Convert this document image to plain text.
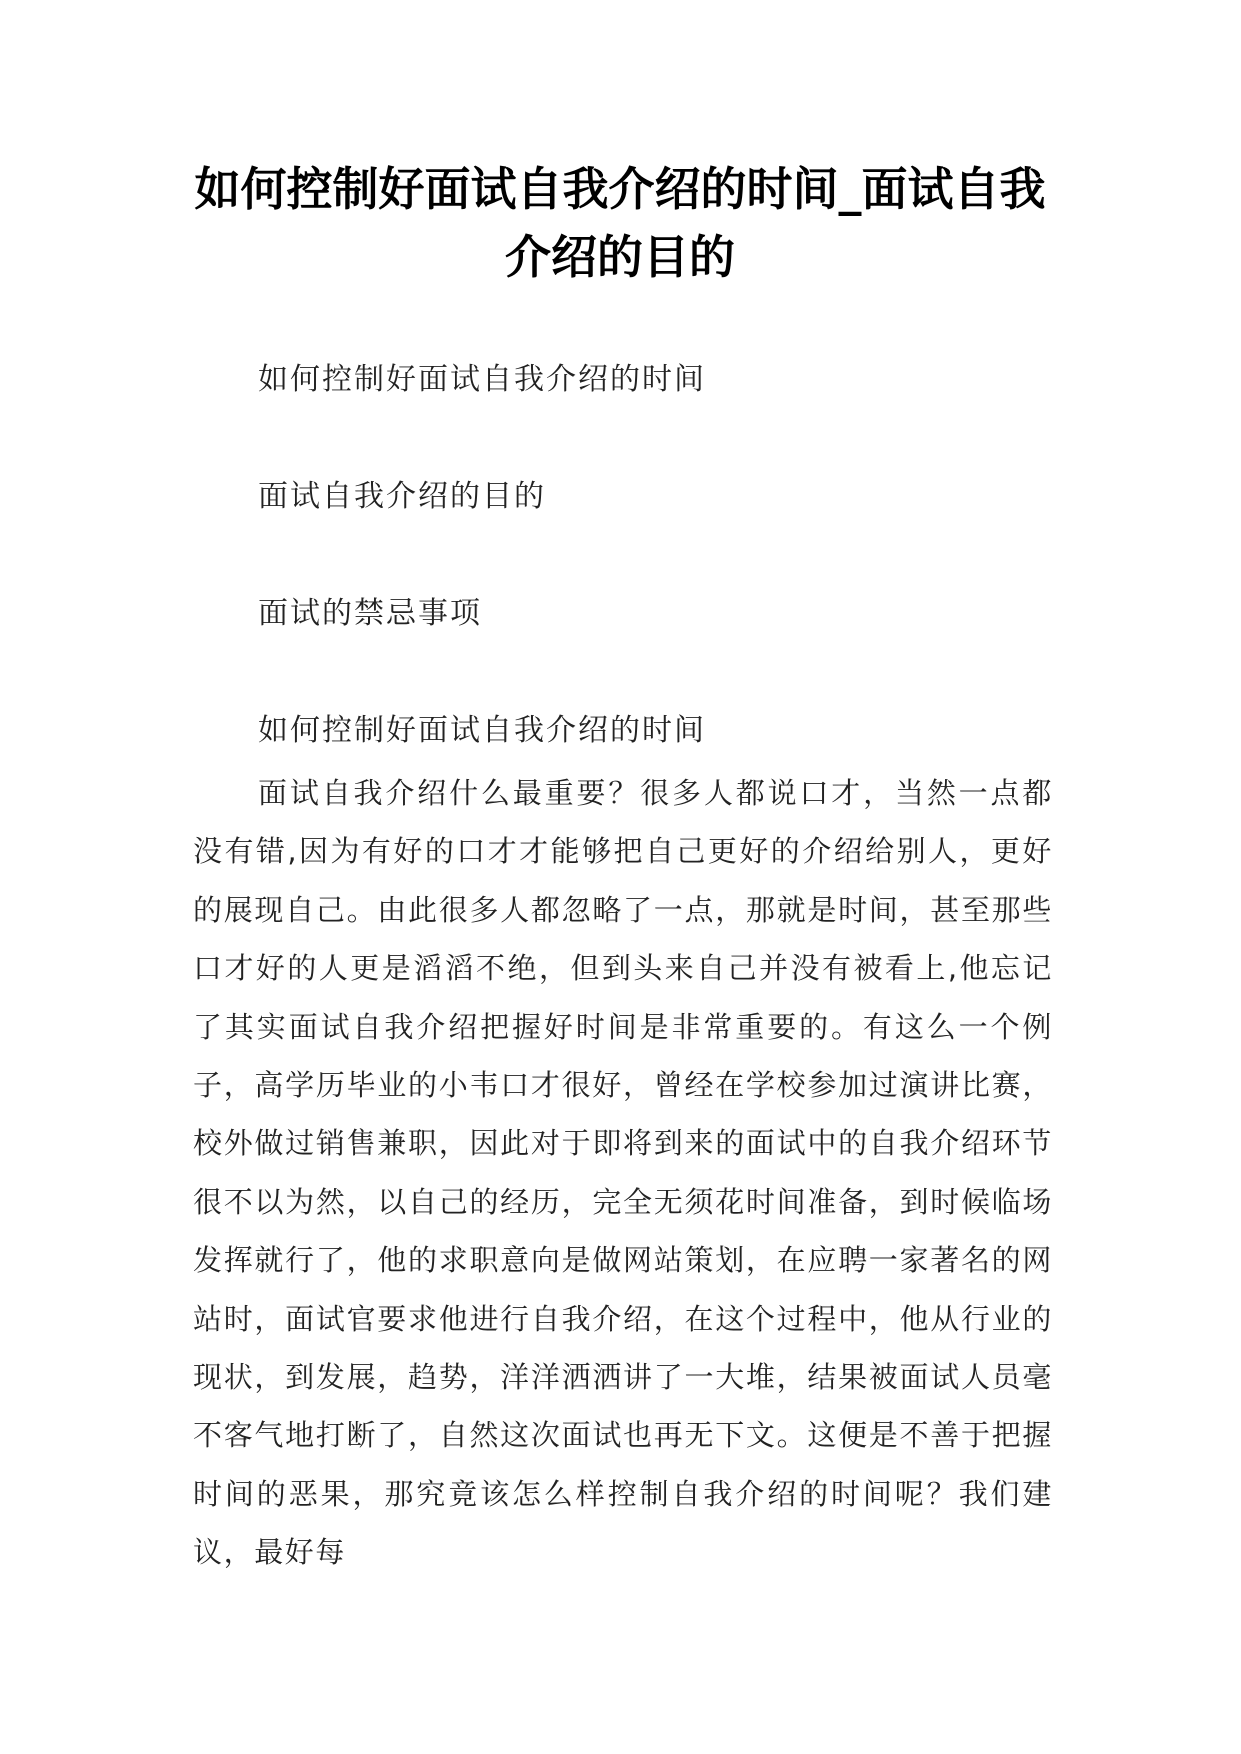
如何控制好面试自我介绍的时间_面试自我介绍的目的

如何控制好面试自我介绍的时间

面试自我介绍的目的

面试的禁忌事项

如何控制好面试自我介绍的时间

面试自我介绍什么最重要？很多人都说口才，当然一点都没有错,因为有好的口才才能够把自己更好的介绍给别人，更好的展现自己。由此很多人都忽略了一点，那就是时间，甚至那些口才好的人更是滔滔不绝，但到头来自己并没有被看上,他忘记了其实面试自我介绍把握好时间是非常重要的。有这么一个例子，高学历毕业的小韦口才很好，曾经在学校参加过演讲比赛，校外做过销售兼职，因此对于即将到来的面试中的自我介绍环节很不以为然，以自己的经历，完全无须花时间准备，到时候临场发挥就行了，他的求职意向是做网站策划，在应聘一家著名的网站时，面试官要求他进行自我介绍，在这个过程中，他从行业的现状，到发展，趋势，洋洋洒洒讲了一大堆，结果被面试人员毫不客气地打断了，自然这次面试也再无下文。这便是不善于把握时间的恶果，那究竟该怎么样控制自我介绍的时间呢？我们建议，最好每
